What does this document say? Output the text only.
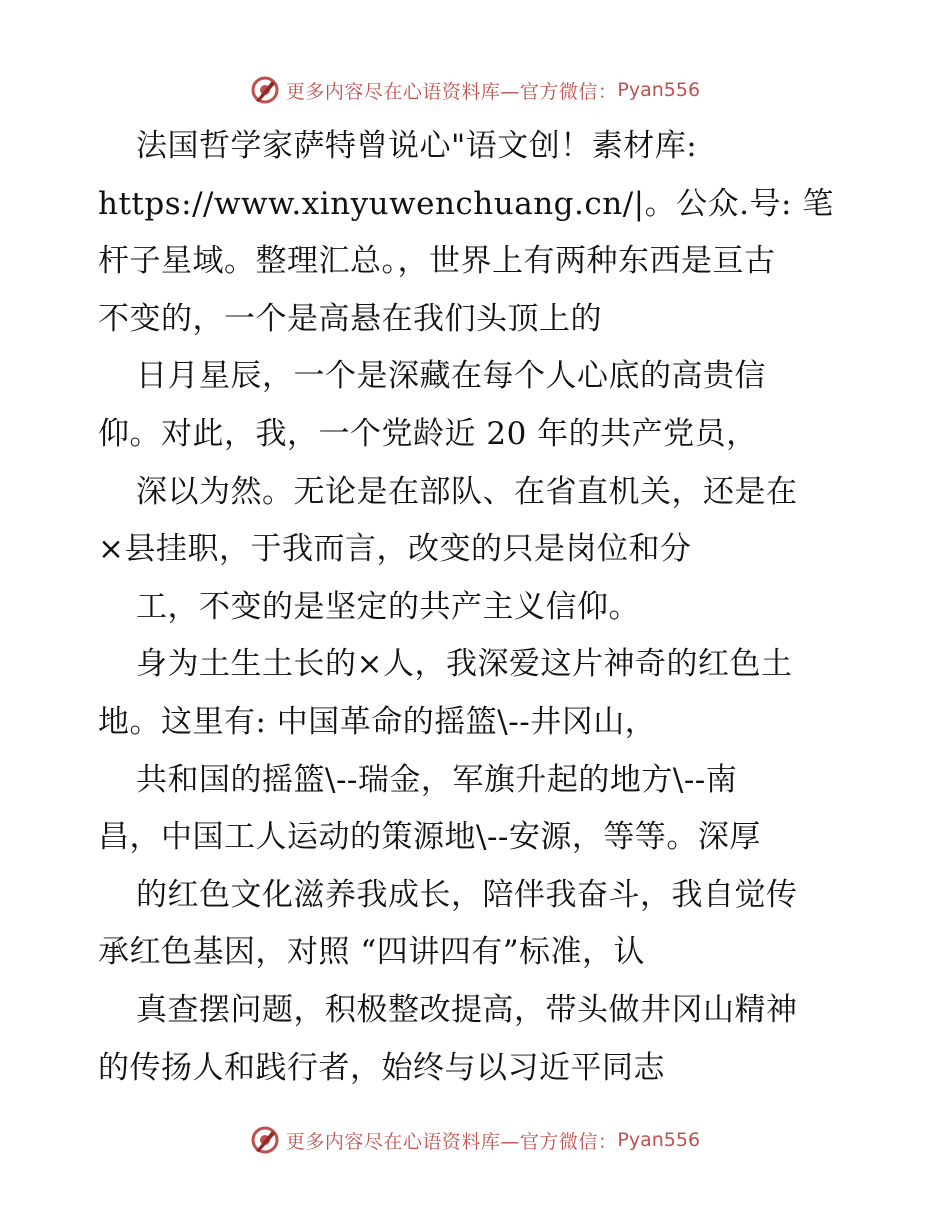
更多内容尽在心语资料库—官方微信： Pyan556
法国哲学家萨特曾说心"语文创！素材库:
https://www.xinyuwenchuang.cn/|。公众.号: 笔
杆子星域。整理汇总。，世界上有两种东西是亘古
不变的，一个是高悬在我们头顶上的
日月星辰，一个是深藏在每个人心底的高贵信
仰。对此，我，一个党龄近 20 年的共产党员，
深以为然。无论是在部队、在省直机关，还是在
×县挂职，于我而言，改变的只是岗位和分
工，不变的是坚定的共产主义信仰。
身为土生土长的×人，我深爱这片神奇的红色土
地。这里有: 中国革命的摇篮\--井冈山，
共和国的摇篮\--瑞金，军旗升起的地方\--南
昌，中国工人运动的策源地\--安源，等等。深厚
的红色文化滋养我成长，陪伴我奋斗，我自觉传
承红色基因，对照 “四讲四有”标准，认
真查摆问题，积极整改提高，带头做井冈山精神
的传扬人和践行者，始终与以习近平同志
更多内容尽在心语资料库—官方微信： Pyan556
